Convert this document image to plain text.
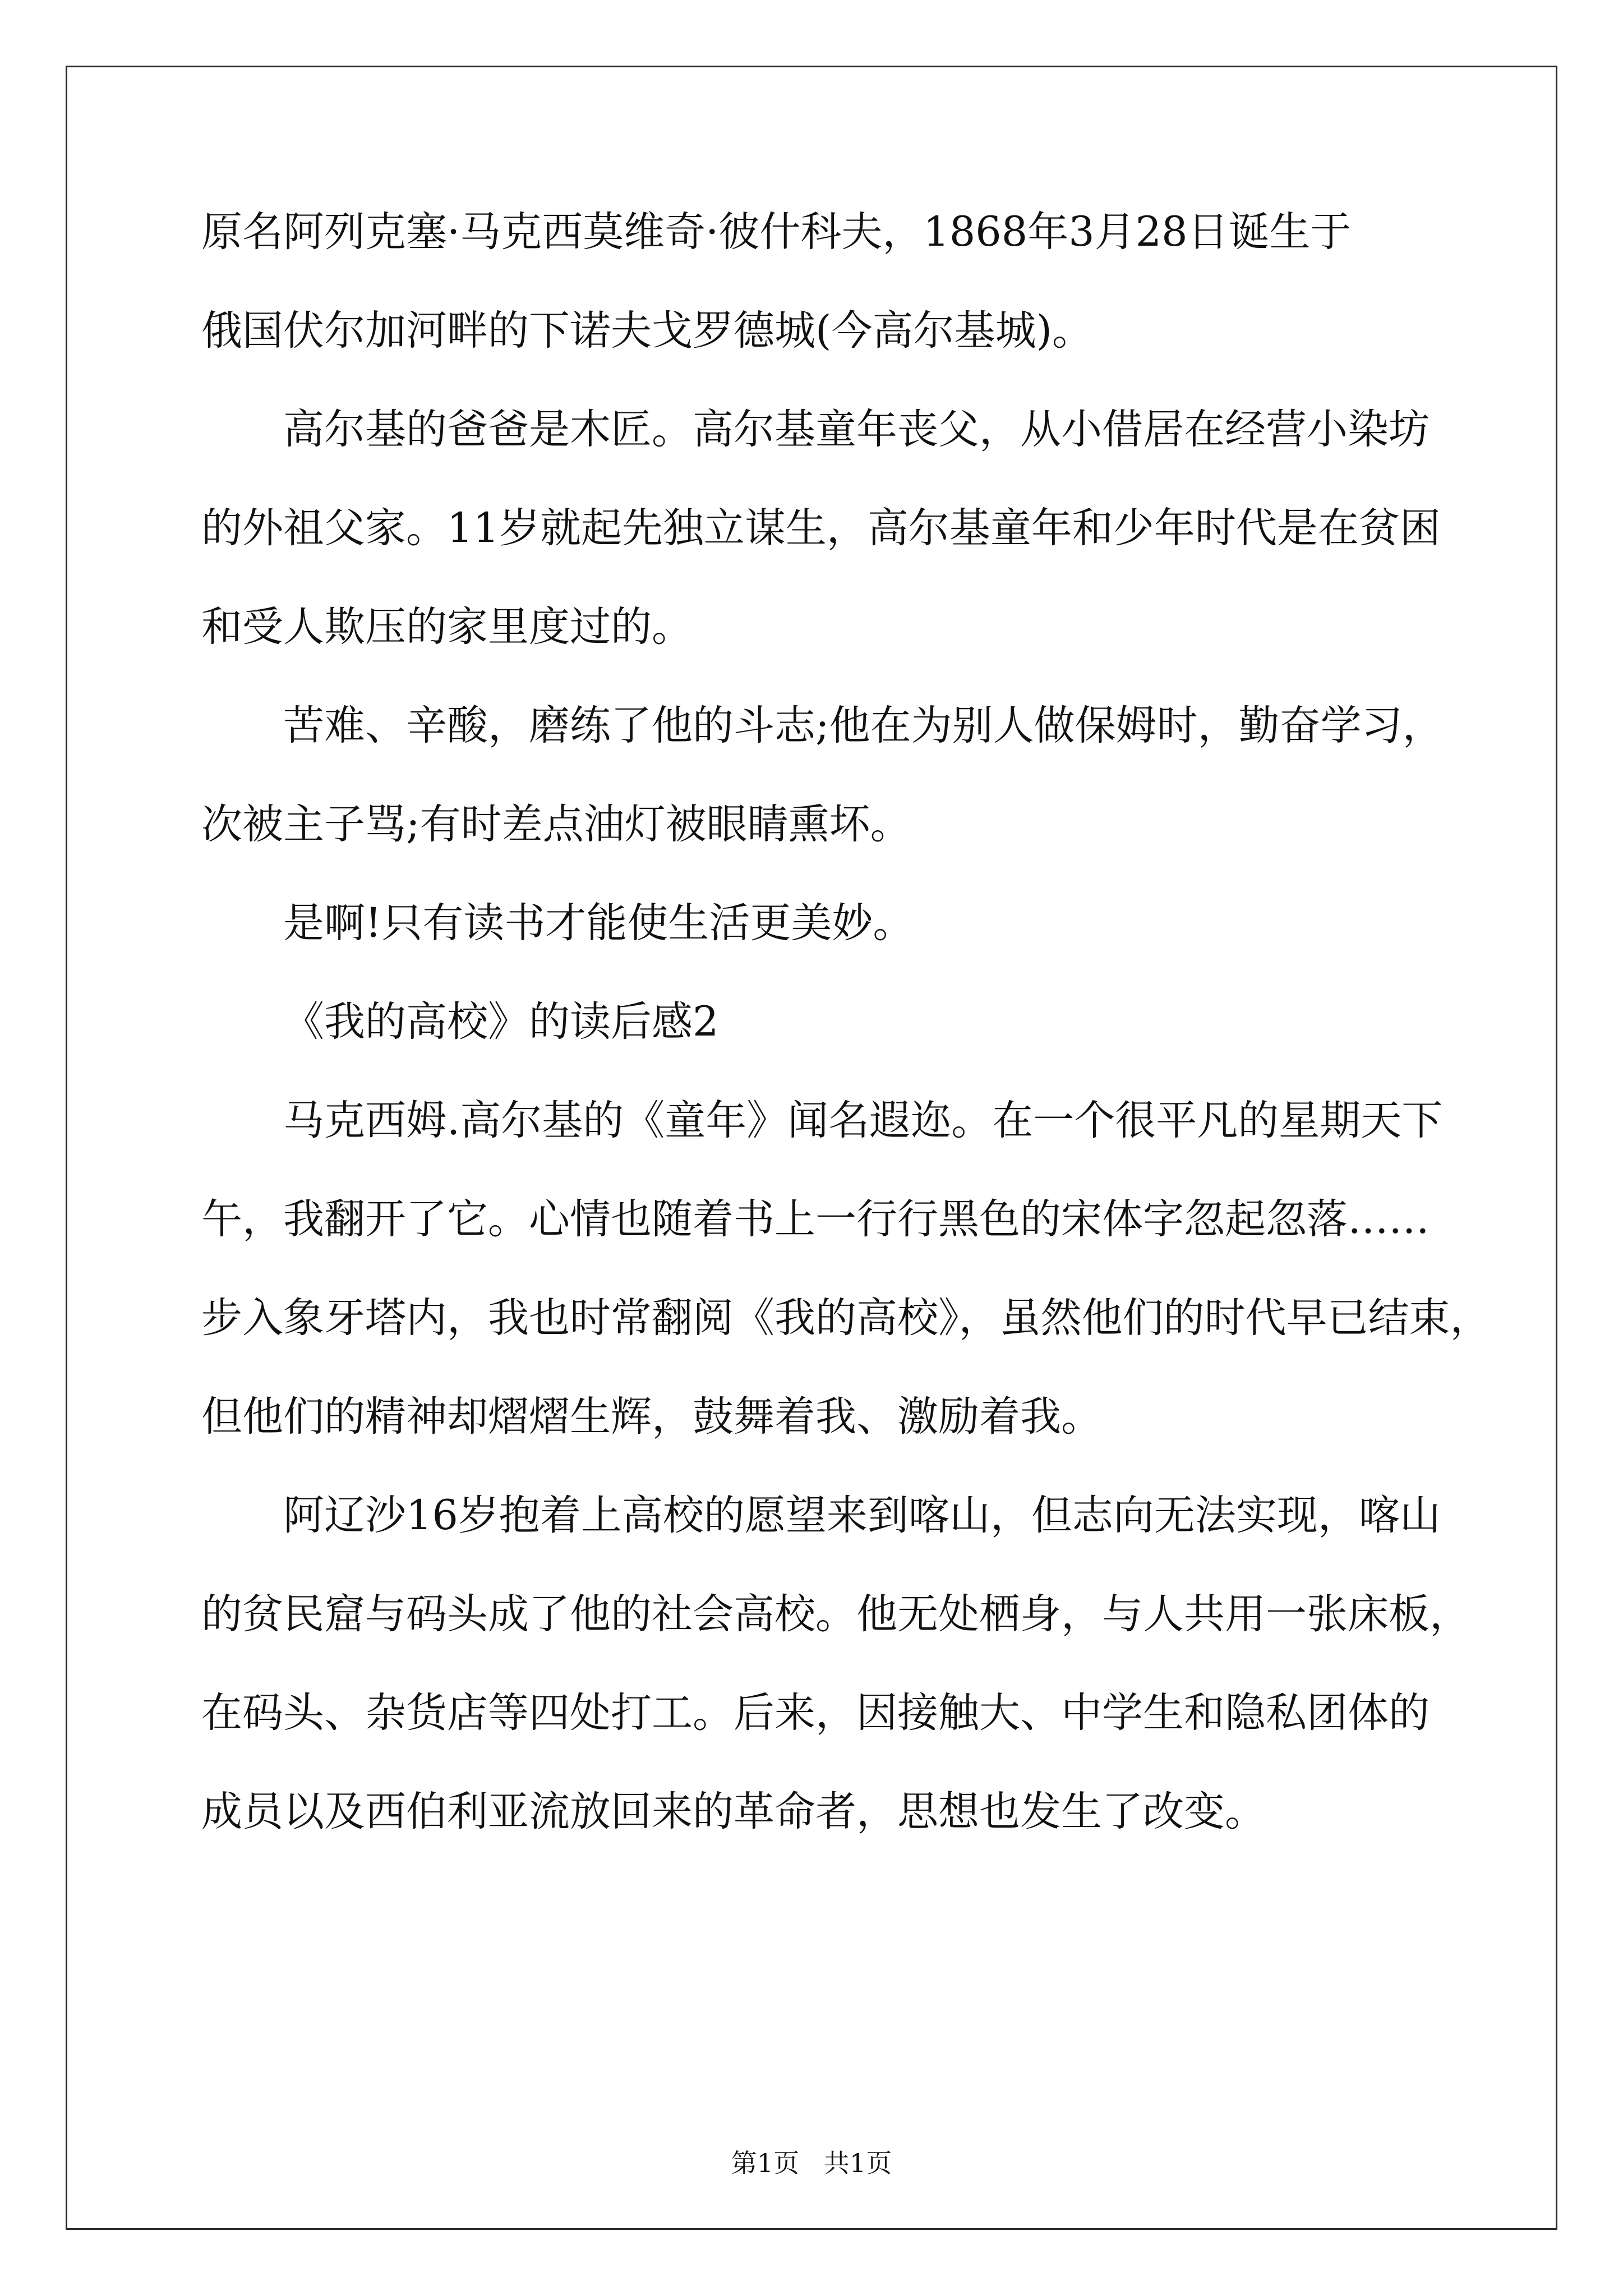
原名阿列克塞·马克西莫维奇·彼什科夫，1868年3月28日诞生于
俄国伏尔加河畔的下诺夫戈罗德城(今高尔基城)。
高尔基的爸爸是木匠。高尔基童年丧父，从小借居在经营小染坊
的外祖父家。11岁就起先独立谋生，高尔基童年和少年时代是在贫困
和受人欺压的家里度过的。
苦难、辛酸，磨练了他的斗志;他在为别人做保姆时，勤奋学习，
次被主子骂;有时差点油灯被眼睛熏坏。
是啊!只有读书才能使生活更美妙。
《我的高校》的读后感2
马克西姆.高尔基的《童年》闻名遐迩。在一个很平凡的星期天下
午，我翻开了它。心情也随着书上一行行黑色的宋体字忽起忽落……
步入象牙塔内，我也时常翻阅《我的高校》，虽然他们的时代早已结束，
但他们的精神却熠熠生辉，鼓舞着我、激励着我。
阿辽沙16岁抱着上高校的愿望来到喀山，但志向无法实现，喀山
的贫民窟与码头成了他的社会高校。他无处栖身，与人共用一张床板，
在码头、杂货店等四处打工。后来，因接触大、中学生和隐私团体的
成员以及西伯利亚流放回来的革命者，思想也发生了改变。
第1页   共1页
